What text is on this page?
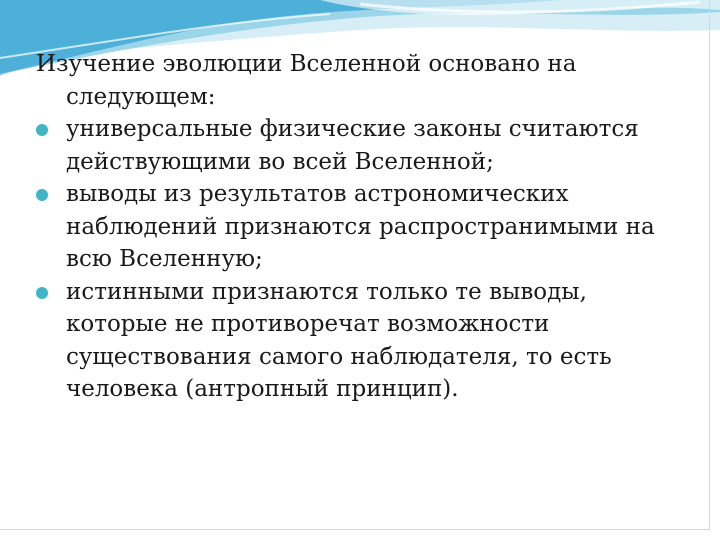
Изучение эволюции Вселенной основано на следующем:

универсальные физические законы считаются действующими во всей Вселенной;
выводы из результатов астрономических наблюдений признаются распространимыми на всю Вселенную;
истинными признаются только те выводы, которые не противоречат возможности существования самого наблюдателя, то есть человека (антропный принцип).
